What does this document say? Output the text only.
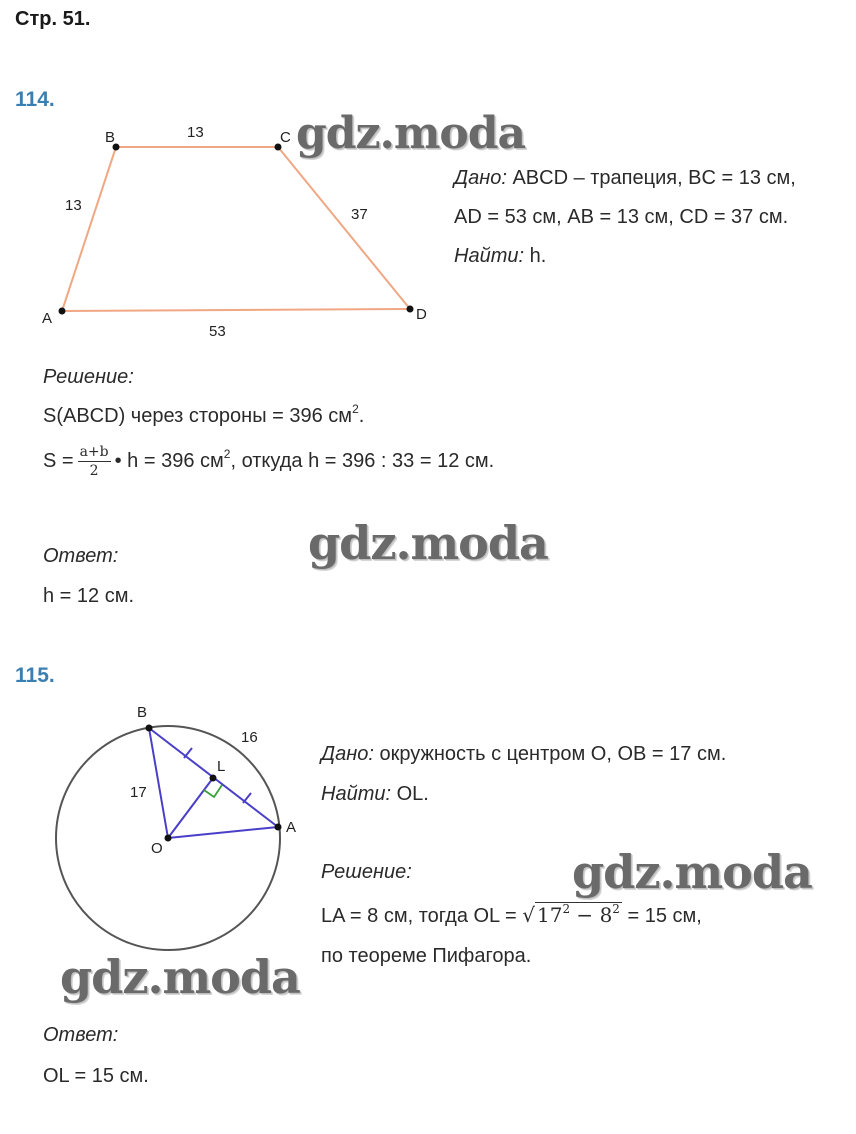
Стр. 51.
114.
B	C
D
A
13
13
37
53
gdz.moda
Дано: ABCD – трапеция, BC = 13 см,
AD = 53 см, AB = 13 см, CD = 37 см.
Найти: h.
Решение:
S(ABCD) через стороны = 396 $см^2$.
$S = \frac{a+b}{2}$ • h = 396 $см^2$, откуда h = 396 : 33 = 12 см.
gdz.moda
Ответ:
h = 12 см.
115.
B
L
A
O
16
17
Дано: окружность с центром O, OB = 17 см.
Найти: OL.
Решение:	gdz.moda
LA = 8 см, тогда OL = √ $17^2 - 8^2 = 15$ см,
по теореме Пифагора.
gdz.moda
Ответ:
OL = 15 см.
